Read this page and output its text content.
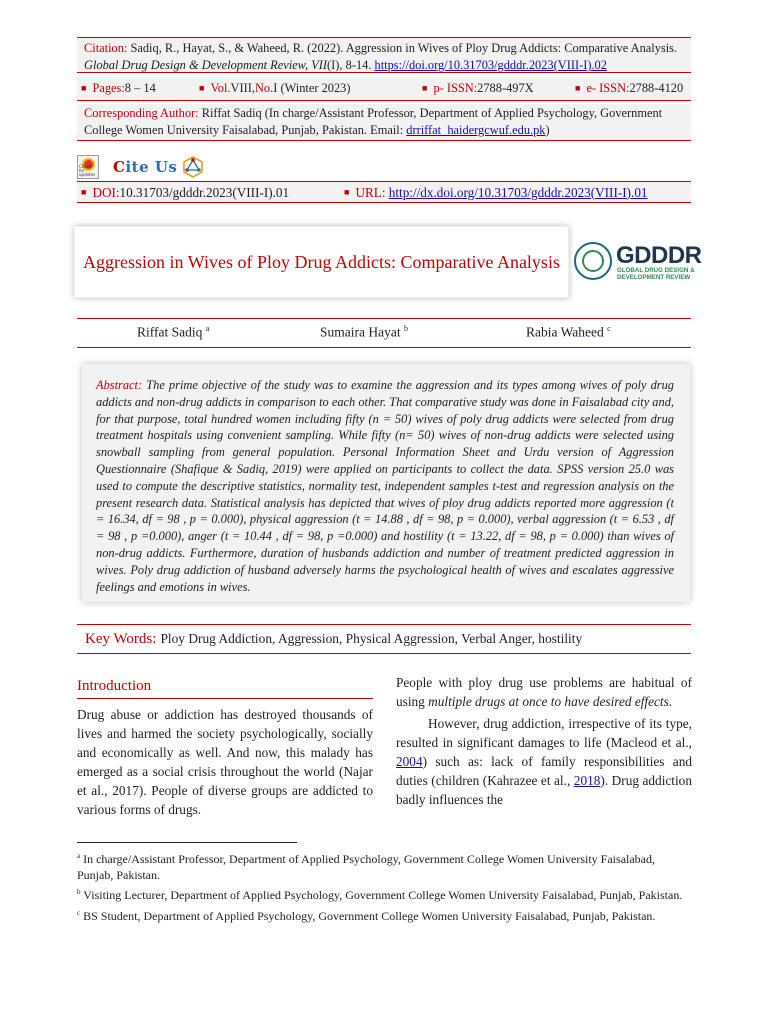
Citation: Sadiq, R., Hayat, S., & Waheed, R. (2022). Aggression in Wives of Ploy Drug Addicts: Comparative Analysis. Global Drug Design & Development Review, VII(I), 8-14. https://doi.org/10.31703/gdddr.2023(VIII-I).02
■ Pages: 8 – 14	■ Vol. VIII, No. I (Winter 2023)	■ p- ISSN: 2788-497X	■ e- ISSN: 2788-4120
Corresponding Author: Riffat Sadiq (In charge/Assistant Professor, Department of Applied Psychology, Government College Women University Faisalabad, Punjab, Pakistan. Email: drriffat_haidergcwuf.edu.pk)
Check for updates Cite Us
■ DOI: 10.31703/gdddr.2023(VIII-I).01	■ URL:
http://dx.doi.org/10.31703/gdddr.2023(VIII-I).01
Aggression in Wives of Ploy Drug Addicts: Comparative Analysis GDDDR
GLOBAL DRUG DESIGN &
DEVELOPMENT REVIEW
Riffat Sadiq $^a$	Sumaira Hayat $^b$	Rabia Waheed $^c$
Abstract: The prime objective of the study was to examine the aggression and its types among wives of poly drug addicts and non-drug addicts in comparison to each other. That comparative study was done in Faisalabad city and, for that purpose, total hundred women including fifty (n = 50) wives of poly drug addicts were selected from drug treatment hospitals using convenient sampling. While fifty (n= 50) wives of non-drug addicts were selected using snowball sampling from general population. Personal Information Sheet and Urdu version of Aggression Questionnaire (Shafique & Sadiq, 2019) were applied on participants to collect the data. SPSS version 25.0 was used to compute the descriptive statistics, normality test, independent samples t-test and regression analysis on the present research data. Statistical analysis has depicted that wives of ploy drug addicts reported more aggression (t = 16.34, df = 98 , p = 0.000), physical aggression (t = 14.88 , df = 98, p = 0.000), verbal aggression (t = 6.53 , df = 98 , p =0.000), anger (t = 10.44 , df = 98, p =0.000) and hostility (t = 13.22, df = 98, p = 0.000) than wives of non-drug addicts. Furthermore, duration of husbands addiction and number of treatment predicted aggression in wives. Poly drug addiction of husband adversely harms the psychological health of wives and escalates aggressive feelings and emotions in wives.
Key Words: Ploy Drug Addiction, Aggression, Physical Aggression, Verbal Anger, hostility
Introduction

Drug abuse or addiction has destroyed thousands of lives and harmed the society psychologically, socially and economically as well. And now, this malady has emerged as a social crisis throughout the world (Najar et al., 2017). People of diverse groups are addicted to various forms of drugs.

People with ploy drug use problems are habitual of using multiple drugs at once to have desired effects.

However, drug addiction, irrespective of its type, resulted in significant damages to life (Macleod et al., 2004) such as: lack of family responsibilities and duties (children (Kahrazee et al., 2018). Drug addiction badly influences the

$^a$ In charge/Assistant Professor, Department of Applied Psychology, Government College Women University Faisalabad, Punjab, Pakistan.

$^b$ Visiting Lecturer, Department of Applied Psychology, Government College Women University Faisalabad, Punjab, Pakistan.

$^c$ BS Student, Department of Applied Psychology, Government College Women University Faisalabad, Punjab, Pakistan.
